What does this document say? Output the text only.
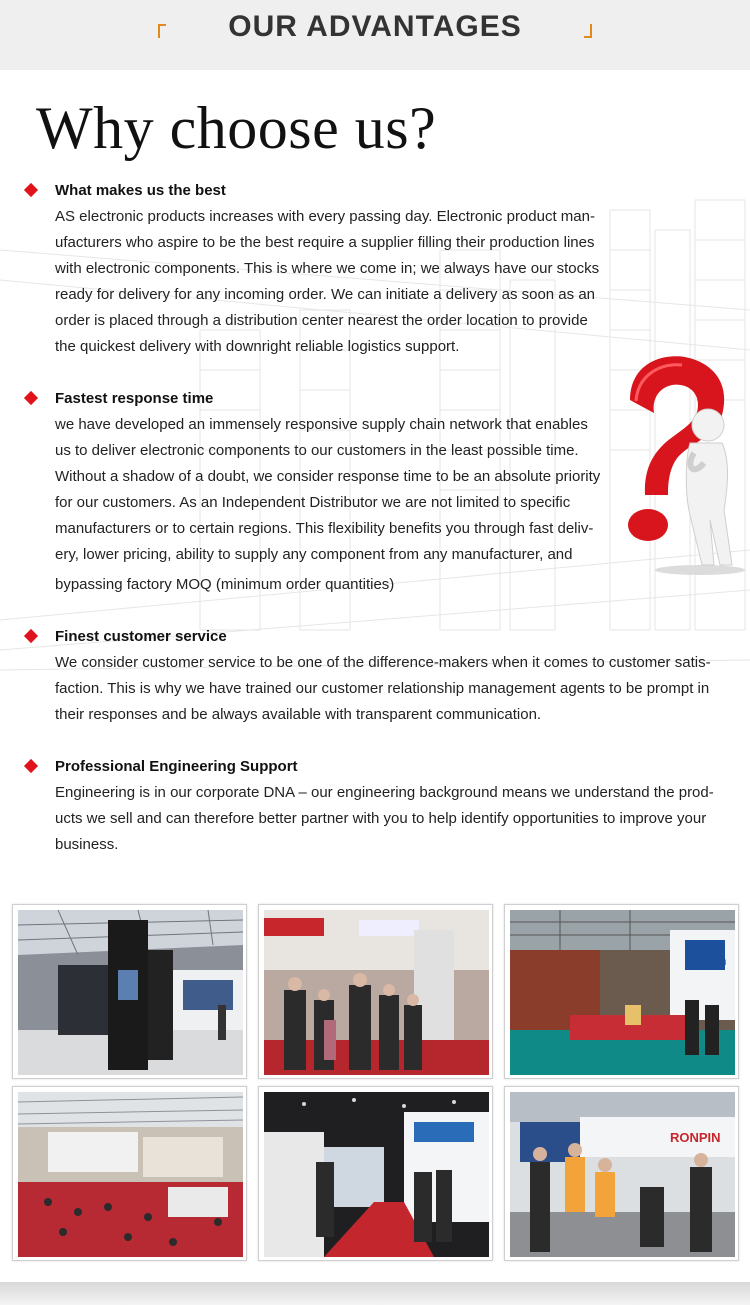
OUR ADVANTAGES
Why choose us?
What makes us the best
AS electronic products increases with every passing day. Electronic product man-
ufacturers who aspire to be the best require a supplier filling their production lines
with electronic components. This is where we come in; we always have our stocks
ready for delivery for any incoming order. We can initiate a delivery as soon as an
order is placed through a distribution center nearest the order location to provide
the quickest delivery with downright reliable logistics support.
Fastest response time
we have developed an immensely responsive supply chain network that enables
us to deliver electronic components to our customers in the least possible time.
Without a shadow of a doubt, we consider response time to be an absolute priority
for our customers. As an Independent Distributor we are not limited to specific
manufacturers or to certain regions. This flexibility benefits you through fast deliv-
ery, lower pricing, ability to supply any component from any manufacturer, and
bypassing factory MOQ (minimum order quantities)
Finest customer service
We consider customer service to be one of the difference-makers when it comes to customer satis-
faction. This is why we have trained our customer relationship management agents to be prompt in
their responses and be always available with transparent communication.
Professional Engineering Support
Engineering is in our corporate DNA – our engineering background means we understand the prod-
ucts we sell and can therefore better partner with you to help identify opportunities to improve your
business.
Dou
RONPIN
